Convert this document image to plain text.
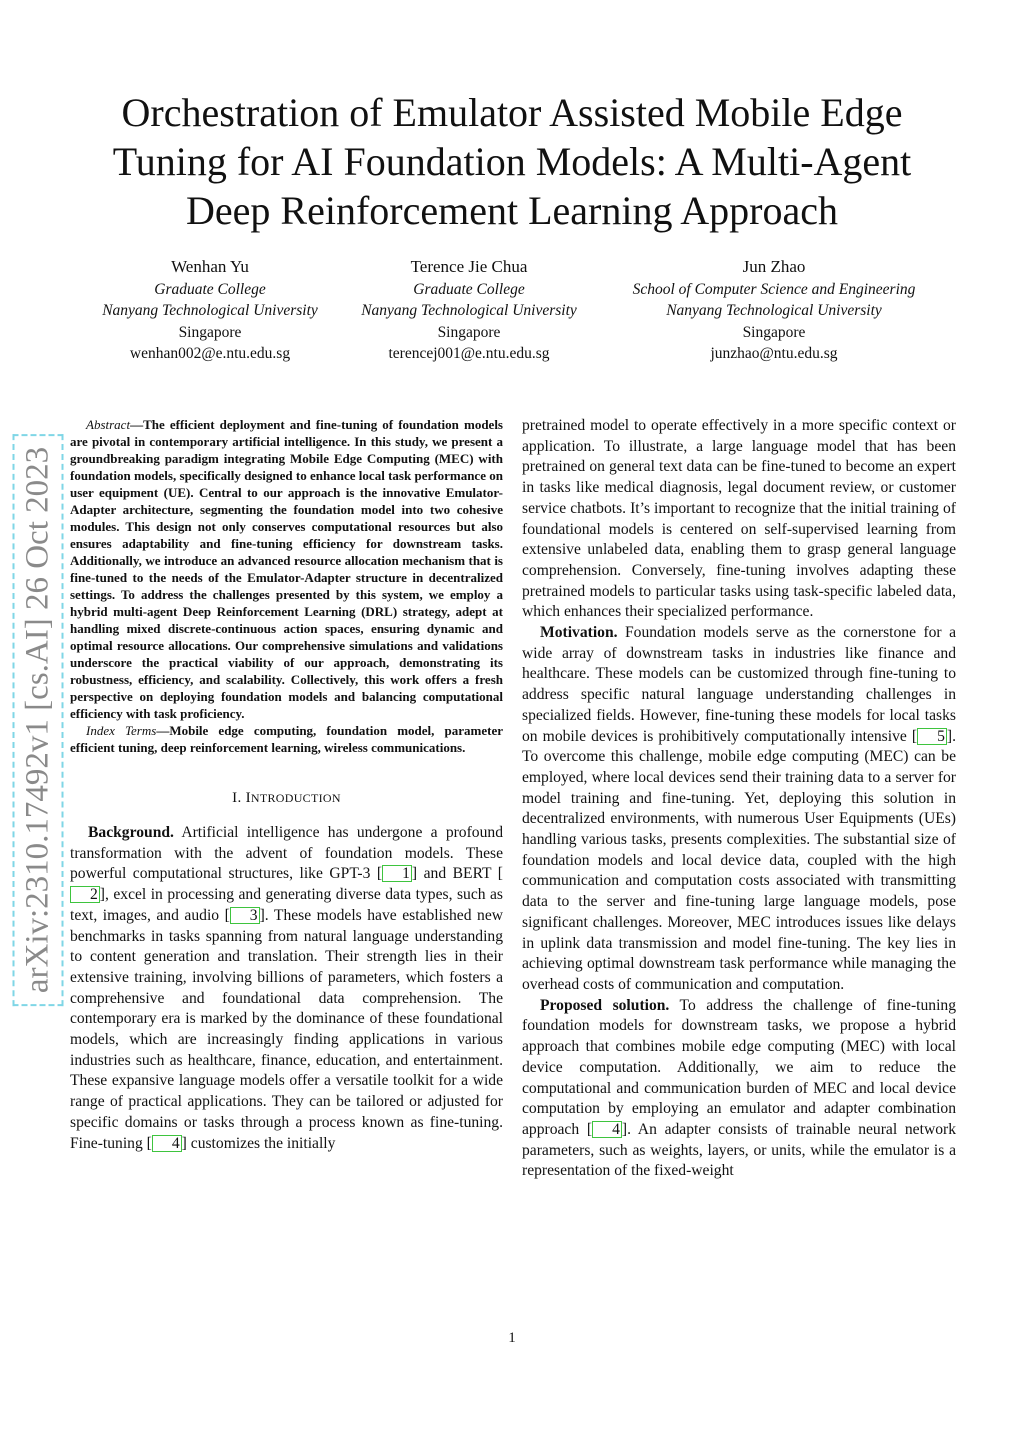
Orchestration of Emulator Assisted Mobile Edge Tuning for AI Foundation Models: A Multi-Agent Deep Reinforcement Learning Approach
Wenhan Yu
Graduate College
Nanyang Technological University
Singapore
wenhan002@e.ntu.edu.sg
Terence Jie Chua
Graduate College
Nanyang Technological University
Singapore
terencej001@e.ntu.edu.sg
Jun Zhao
School of Computer Science and Engineering
Nanyang Technological University
Singapore
junzhao@ntu.edu.sg
arXiv:2310.17492v1 [cs.AI] 26 Oct 2023

Abstract—The efficient deployment and fine-tuning of foundation models are pivotal in contemporary artificial intelligence. In this study, we present a groundbreaking paradigm integrating Mobile Edge Computing (MEC) with foundation models, specifically designed to enhance local task performance on user equipment (UE). Central to our approach is the innovative Emulator-Adapter architecture, segmenting the foundation model into two cohesive modules. This design not only conserves computational resources but also ensures adaptability and fine-tuning efficiency for downstream tasks. Additionally, we introduce an advanced resource allocation mechanism that is fine-tuned to the needs of the Emulator-Adapter structure in decentralized settings. To address the challenges presented by this system, we employ a hybrid multi-agent Deep Reinforcement Learning (DRL) strategy, adept at handling mixed discrete-continuous action spaces, ensuring dynamic and optimal resource allocations. Our comprehensive simulations and validations underscore the practical viability of our approach, demonstrating its robustness, efficiency, and scalability. Collectively, this work offers a fresh perspective on deploying foundation models and balancing computational efficiency with task proficiency.

Index Terms—Mobile edge computing, foundation model, parameter efficient tuning, deep reinforcement learning, wireless communications.

I. INTRODUCTION

Background. Artificial intelligence has undergone a profound transformation with the advent of foundation models. These powerful computational structures, like GPT-3 [ 1 ] and BERT [2 ], excel in processing and generating diverse data types, such as text, images, and audio [ 3 ]. These models have established new benchmarks in tasks spanning from natural language understanding to content generation and translation. Their strength lies in their extensive training, involving billions of parameters, which fosters a comprehensive and foundational data comprehension. The contemporary era is marked by the dominance of these foundational models, which are increasingly finding applications in various industries such as healthcare, finance, education, and entertainment. These expansive language models offer a versatile toolkit for a wide range of practical applications. They can be tailored or adjusted for specific domains or tasks through a process known as fine-tuning. Fine-tuning [ 4 ] customizes the initially

pretrained model to operate effectively in a more specific context or application. To illustrate, a large language model that has been pretrained on general text data can be fine-tuned to become an expert in tasks like medical diagnosis, legal document review, or customer service chatbots. It’s important to recognize that the initial training of foundational models is centered on self-supervised learning from extensive unlabeled data, enabling them to grasp general language comprehension. Conversely, fine-tuning involves adapting these pretrained models to particular tasks using task-specific labeled data, which enhances their specialized performance.

Motivation. Foundation models serve as the cornerstone for a wide array of downstream tasks in industries like finance and healthcare. These models can be customized through fine-tuning to address specific natural language understanding challenges in specialized fields. However, fine-tuning these models for local tasks on mobile devices is prohibitively computationally intensive [ 5 ]. To overcome this challenge, mobile edge computing (MEC) can be employed, where local devices send their training data to a server for model training and fine-tuning. Yet, deploying this solution in decentralized environments, with numerous User Equipments (UEs) handling various tasks, presents complexities. The substantial size of foundation models and local device data, coupled with the high communication and computation costs associated with transmitting data to the server and fine-tuning large language models, pose significant challenges. Moreover, MEC introduces issues like delays in uplink data transmission and model fine-tuning. The key lies in achieving optimal downstream task performance while managing the overhead costs of communication and computation.

Proposed solution. To address the challenge of fine-tuning foundation models for downstream tasks, we propose a hybrid approach that combines mobile edge computing (MEC) with local device computation. Additionally, we aim to reduce the computational and communication burden of MEC and local device computation by employing an emulator and adapter combination approach [ 4 ]. An adapter consists of trainable neural network parameters, such as weights, layers, or units, while the emulator is a representation of the fixed-weight

1
